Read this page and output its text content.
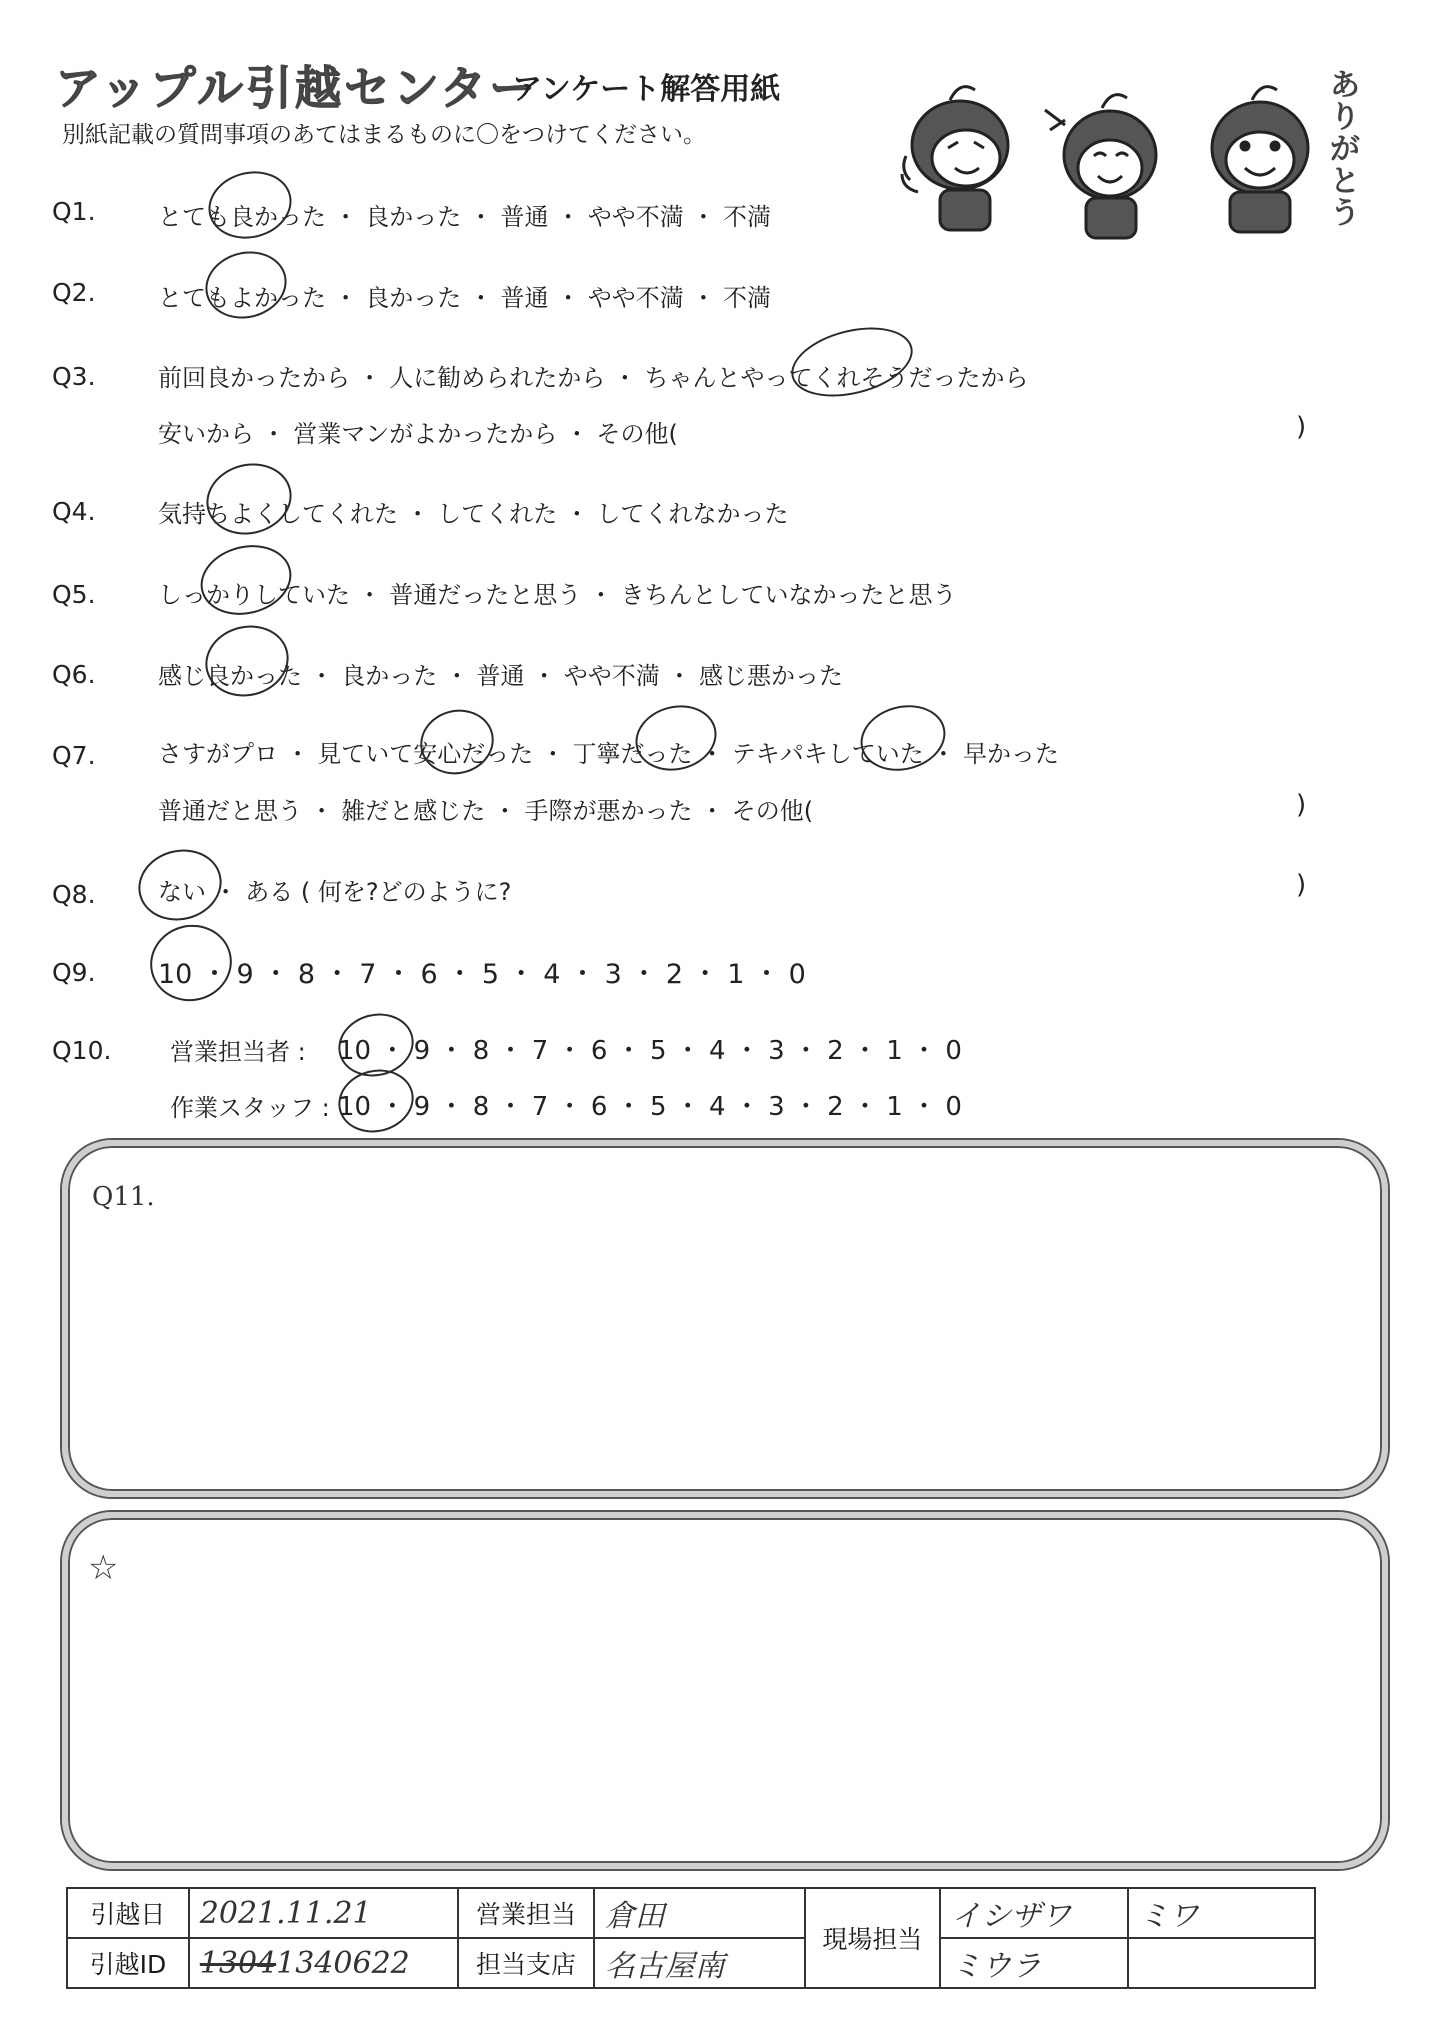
アップル引越センター
アンケート解答用紙
別紙記載の質問事項のあてはまるものに〇をつけてください。
ありがとう
Q1.	とても良かった ・ 良かった ・ 普通 ・ やや不満 ・ 不満
Q2.	とてもよかった ・ 良かった ・ 普通 ・ やや不満 ・ 不満
Q3.	前回良かったから ・ 人に勧められたから ・ ちゃんとやってくれそうだったから
安いから ・ 営業マンがよかったから ・ その他(	)
Q4.	気持ちよくしてくれた ・ してくれた ・ してくれなかった
Q5.	しっかりしていた ・ 普通だったと思う ・ きちんとしていなかったと思う
Q6.	感じ良かった ・ 良かった ・ 普通 ・ やや不満 ・ 感じ悪かった
Q7.	さすがプロ ・ 見ていて安心だった ・ 丁寧だった ・ テキパキしていた ・ 早かった
普通だと思う ・ 雑だと感じた ・ 手際が悪かった ・ その他(	)
Q8.	ない ・ ある ( 何を?どのように?	)
Q9. 10 ・ 9 ・ 8 ・ 7 ・ 6 ・ 5 ・ 4 ・ 3 ・ 2 ・ 1 ・ 0
Q10. 営業担当者 : 10 ・ 9 ・ 8 ・ 7 ・ 6 ・ 5 ・ 4 ・ 3 ・ 2 ・ 1 ・ 0
作業スタッフ : 10 ・ 9 ・ 8 ・ 7 ・ 6 ・ 5 ・ 4 ・ 3 ・ 2 ・ 1 ・ 0
Q11.
☆
引越日	2021.11.21	営業担当	倉田	現場担当	イシザワ	ミワ
引越ID	13041340622	担当支店	名古屋南		ミウラ	
